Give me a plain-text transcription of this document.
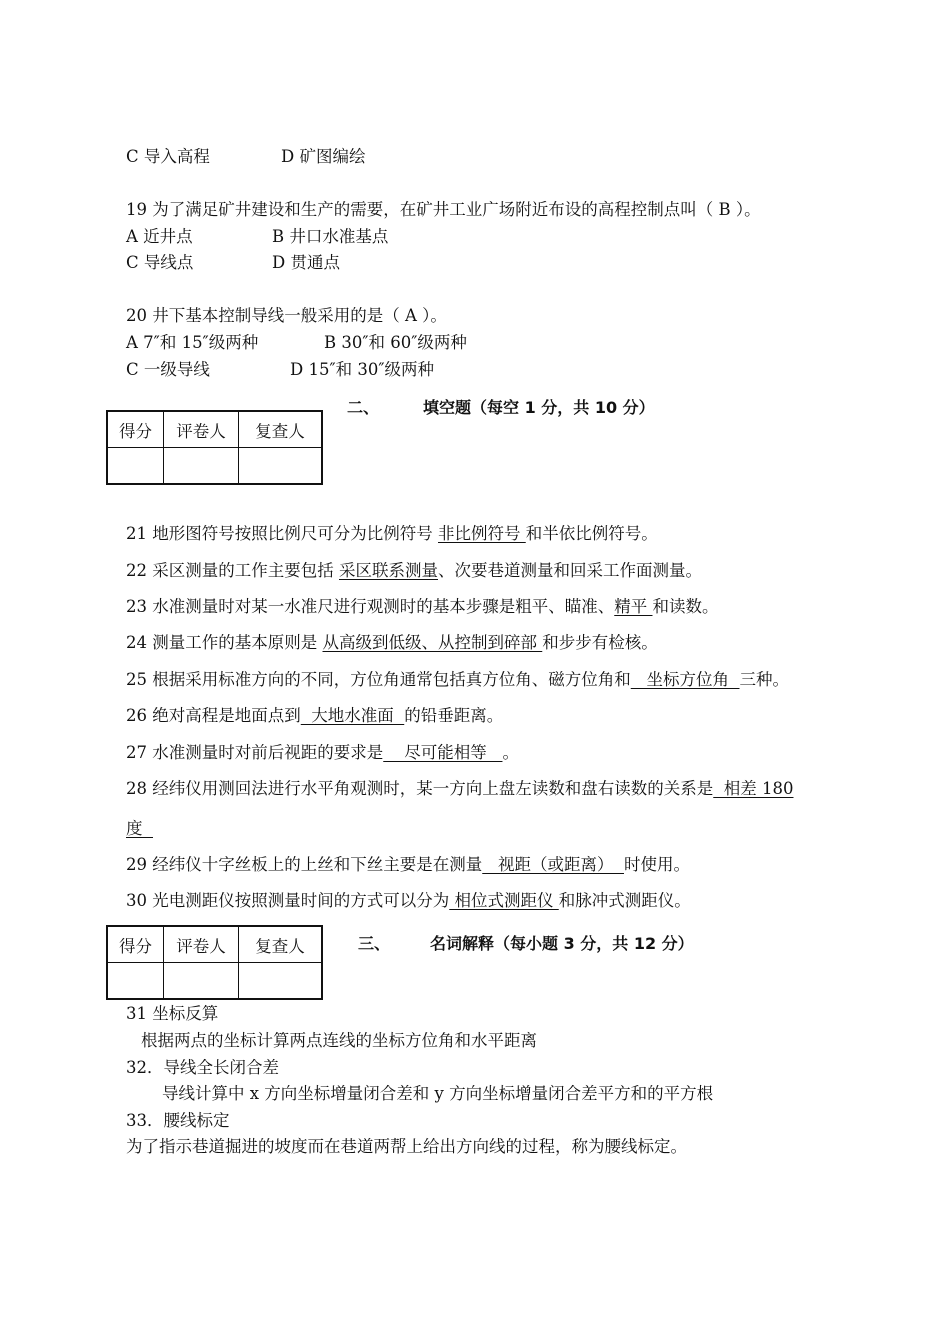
C 导入高程	D 矿图编绘
19 为了满足矿井建设和生产的需要，在矿井工业广场附近布设的高程控制点叫（ B ）。
A 近井点	B 井口水准基点
C 导线点	D 贯通点
20 井下基本控制导线一般采用的是（ A ）。
A 7″和 15″级两种	B 30″和 60″级两种
C 一级导线	D 15″和 30″级两种
得分	评卷人	复查人

二、	填空题（每空 1 分，共 10 分）
21 地形图符号按照比例尺可分为比例符号 非比例符号 和半依比例符号。
22 采区测量的工作主要包括 采区联系测量、次要巷道测量和回采工作面测量。
23 水准测量时对某一水准尺进行观测时的基本步骤是粗平、瞄准、精平 和读数。
24 测量工作的基本原则是 从高级到低级、从控制到碎部 和步步有检核。
25 根据采用标准方向的不同，方位角通常包括真方位角、磁方位角和   坐标方位角  三种。
26 绝对高程是地面点到  大地水准面  的铅垂距离。
27 水准测量时对前后视距的要求是    尽可能相等   。
28 经纬仪用测回法进行水平角观测时，某一方向上盘左读数和盘右读数的关系是  相差 180
度
29 经纬仪十字丝板上的上丝和下丝主要是在测量   视距（或距离）  时使用。
30 光电测距仪按照测量时间的方式可以分为 相位式测距仪 和脉冲式测距仪。
得分	评卷人	复查人
			三、 名词解释（每小题 3 分，共 12 分）
31 坐标反算
根据两点的坐标计算两点连线的坐标方位角和水平距离
32．导线全长闭合差
导线计算中 x 方向坐标增量闭合差和 y 方向坐标增量闭合差平方和的平方根
33．腰线标定
为了指示巷道掘进的坡度而在巷道两帮上给出方向线的过程，称为腰线标定。
